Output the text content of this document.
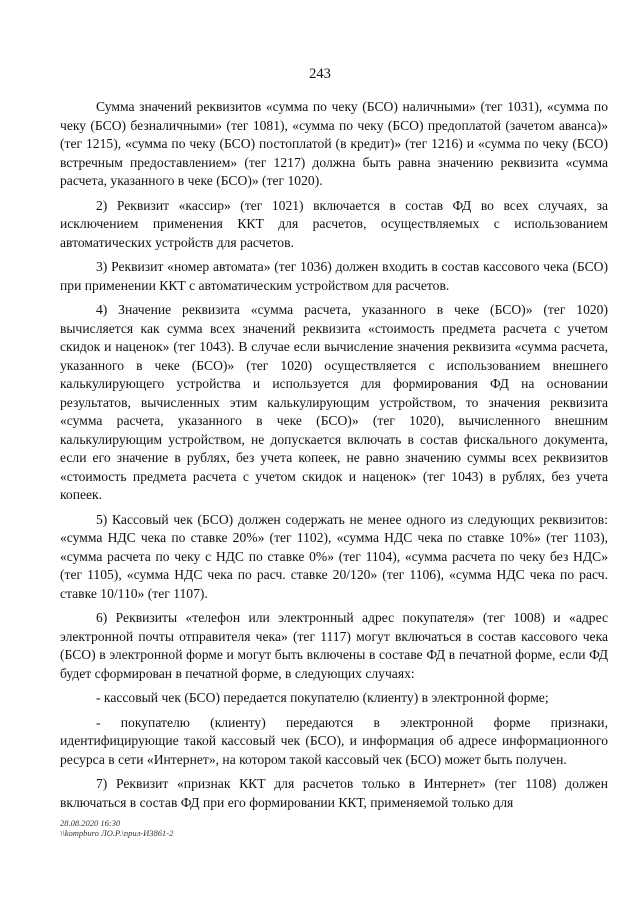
243

Сумма значений реквизитов «сумма по чеку (БСО) наличными» (тег 1031), «сумма по чеку (БСО) безналичными» (тег 1081), «сумма по чеку (БСО) предоплатой (зачетом аванса)» (тег 1215), «сумма по чеку (БСО) постоплатой (в кредит)» (тег 1216) и «сумма по чеку (БСО) встречным предоставлением» (тег 1217) должна быть равна значению реквизита «сумма расчета, указанного в чеке (БСО)» (тег 1020).

2) Реквизит «кассир» (тег 1021) включается в состав ФД во всех случаях, за исключением применения ККТ для расчетов, осуществляемых с использованием автоматических устройств для расчетов.

3) Реквизит «номер автомата» (тег 1036) должен входить в состав кассового чека (БСО) при применении ККТ с автоматическим устройством для расчетов.

4) Значение реквизита «сумма расчета, указанного в чеке (БСО)» (тег 1020) вычисляется как сумма всех значений реквизита «стоимость предмета расчета с учетом скидок и наценок» (тег 1043). В случае если вычисление значения реквизита «сумма расчета, указанного в чеке (БСО)» (тег 1020) осуществляется с использованием внешнего калькулирующего устройства и используется для формирования ФД на основании результатов, вычисленных этим калькулирующим устройством, то значения реквизита «сумма расчета, указанного в чеке (БСО)» (тег 1020), вычисленного внешним калькулирующим устройством, не допускается включать в состав фискального документа, если его значение в рублях, без учета копеек, не равно значению суммы всех реквизитов «стоимость предмета расчета с учетом скидок и наценок» (тег 1043) в рублях, без учета копеек.

5) Кассовый чек (БСО) должен содержать не менее одного из следующих реквизитов: «сумма НДС чека по ставке 20%» (тег 1102), «сумма НДС чека по ставке 10%» (тег 1103), «сумма расчета по чеку с НДС по ставке 0%» (тег 1104), «сумма расчета по чеку без НДС» (тег 1105), «сумма НДС чека по расч. ставке 20/120» (тег 1106), «сумма НДС чека по расч. ставке 10/110» (тег 1107).

6) Реквизиты «телефон или электронный адрес покупателя» (тег 1008) и «адрес электронной почты отправителя чека» (тег 1117) могут включаться в состав кассового чека (БСО) в электронной форме и могут быть включены в составе ФД в печатной форме, если ФД будет сформирован в печатной форме, в следующих случаях:

- кассовый чек (БСО) передается покупателю (клиенту) в электронной форме;

- покупателю (клиенту) передаются в электронной форме признаки, идентифицирующие такой кассовый чек (БСО), и информация об адресе информационного ресурса в сети «Интернет», на котором такой кассовый чек (БСО) может быть получен.

7) Реквизит «признак ККТ для расчетов только в Интернет» (тег 1108) должен включаться в состав ФД при его формировании ККТ, применяемой только для

28.08.2020 16:30
\\kompburo ЛО.Р.\прил-И3861-2
